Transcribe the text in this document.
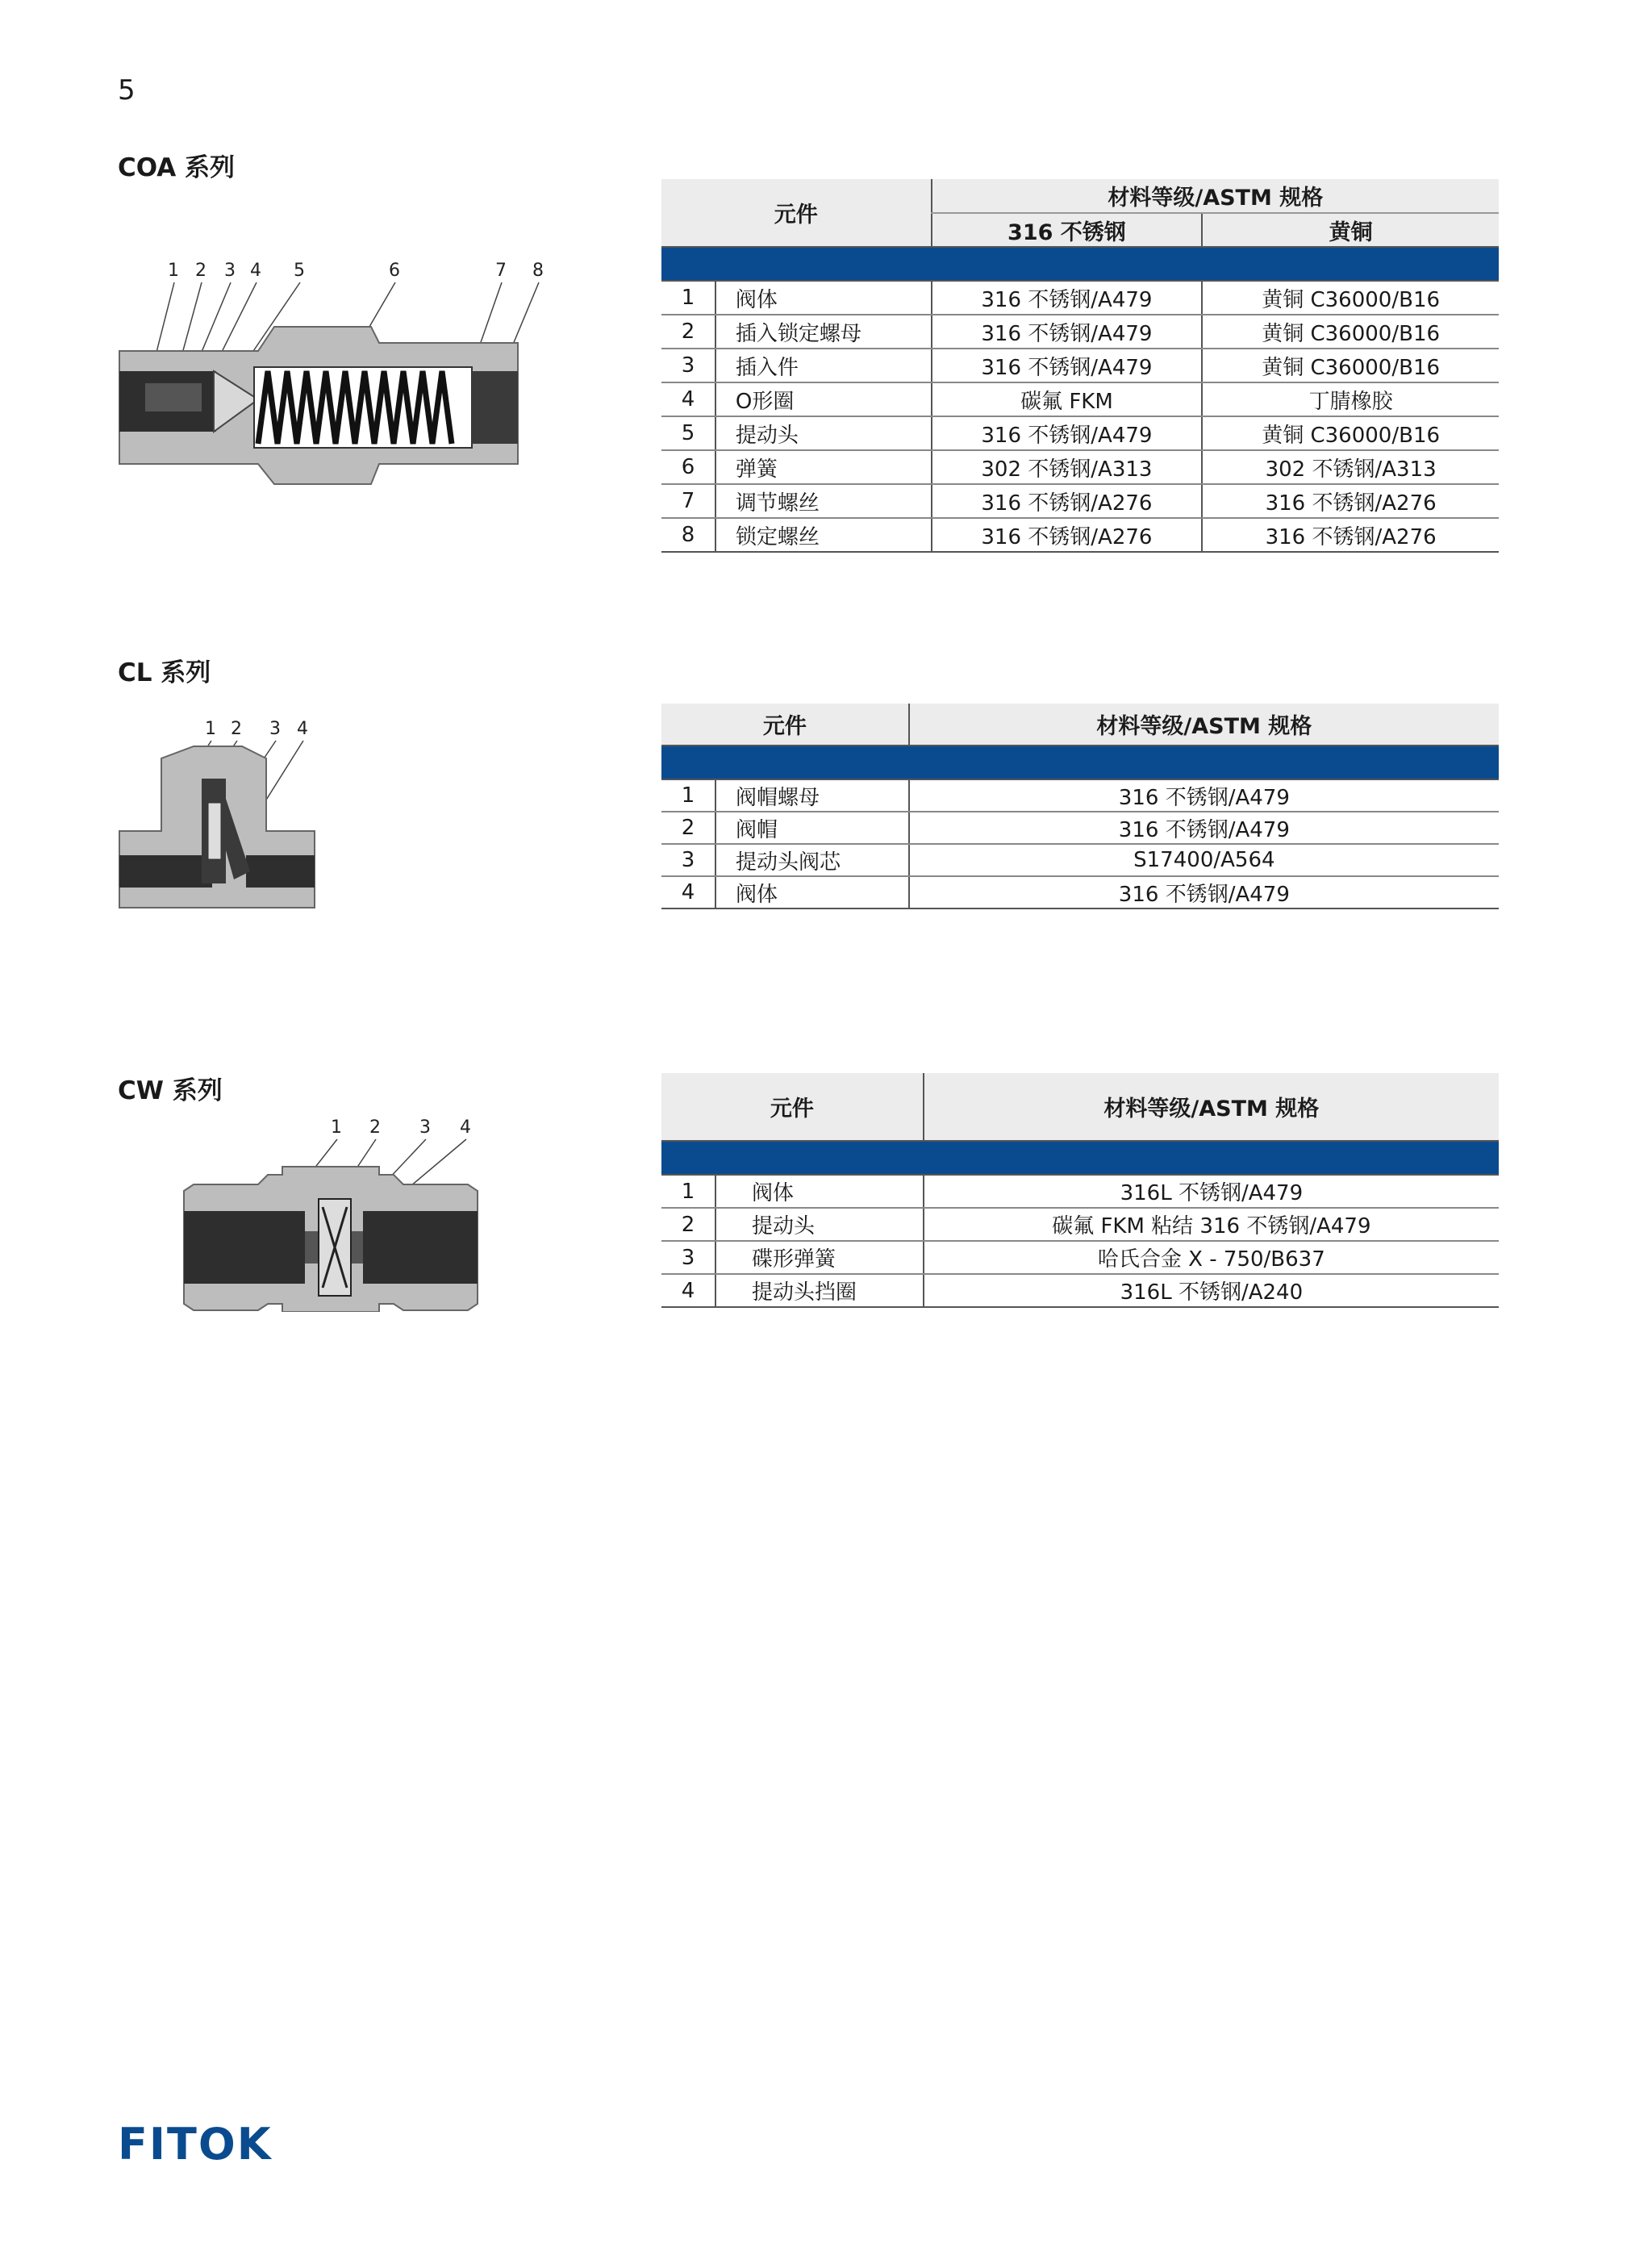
5
COA 系列
1 2 3 4 5	6	7 8

元件		材料等级/ASTM 规格	
		316 不锈钢	黄铜
1	阀体	316 不锈钢/A479	黄铜 C36000/B16
2	插入锁定螺母	316 不锈钢/A479	黄铜 C36000/B16
3	插入件	316 不锈钢/A479	黄铜 C36000/B16
4	O形圈	碳氟 FKM	丁腈橡胶
5	提动头	316 不锈钢/A479	黄铜 C36000/B16
6	弹簧	302 不锈钢/A313	302 不锈钢/A313
7	调节螺丝	316 不锈钢/A276	316 不锈钢/A276
8	锁定螺丝	316 不锈钢/A276	316 不锈钢/A276
CL 系列
1 2 3 4	元件		材料等级/ASTM 规格
1	阀帽螺母	316 不锈钢/A479
2	阀帽	316 不锈钢/A479
3	提动头阀芯	S17400/A564
4	阀体	316 不锈钢/A479
CW 系列
1 2 3 4

元件		材料等级/ASTM 规格
1	阀体	316L 不锈钢/A479
2	提动头	碳氟 FKM 粘结 316 不锈钢/A479
3	碟形弹簧	哈氏合金 X - 750/B637
4	提动头挡圈	316L 不锈钢/A240
FITOK
